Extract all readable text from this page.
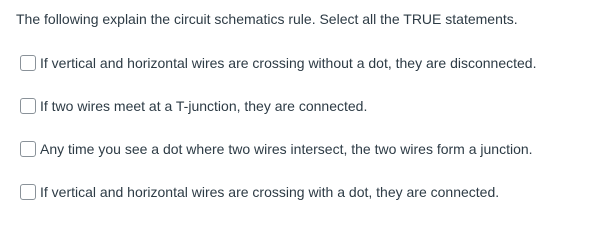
The following explain the circuit schematics rule. Select all the TRUE statements.
If vertical and horizontal wires are crossing without a dot, they are disconnected.
If two wires meet at a T-junction, they are connected.
Any time you see a dot where two wires intersect, the two wires form a junction.
If vertical and horizontal wires are crossing with a dot, they are connected.
